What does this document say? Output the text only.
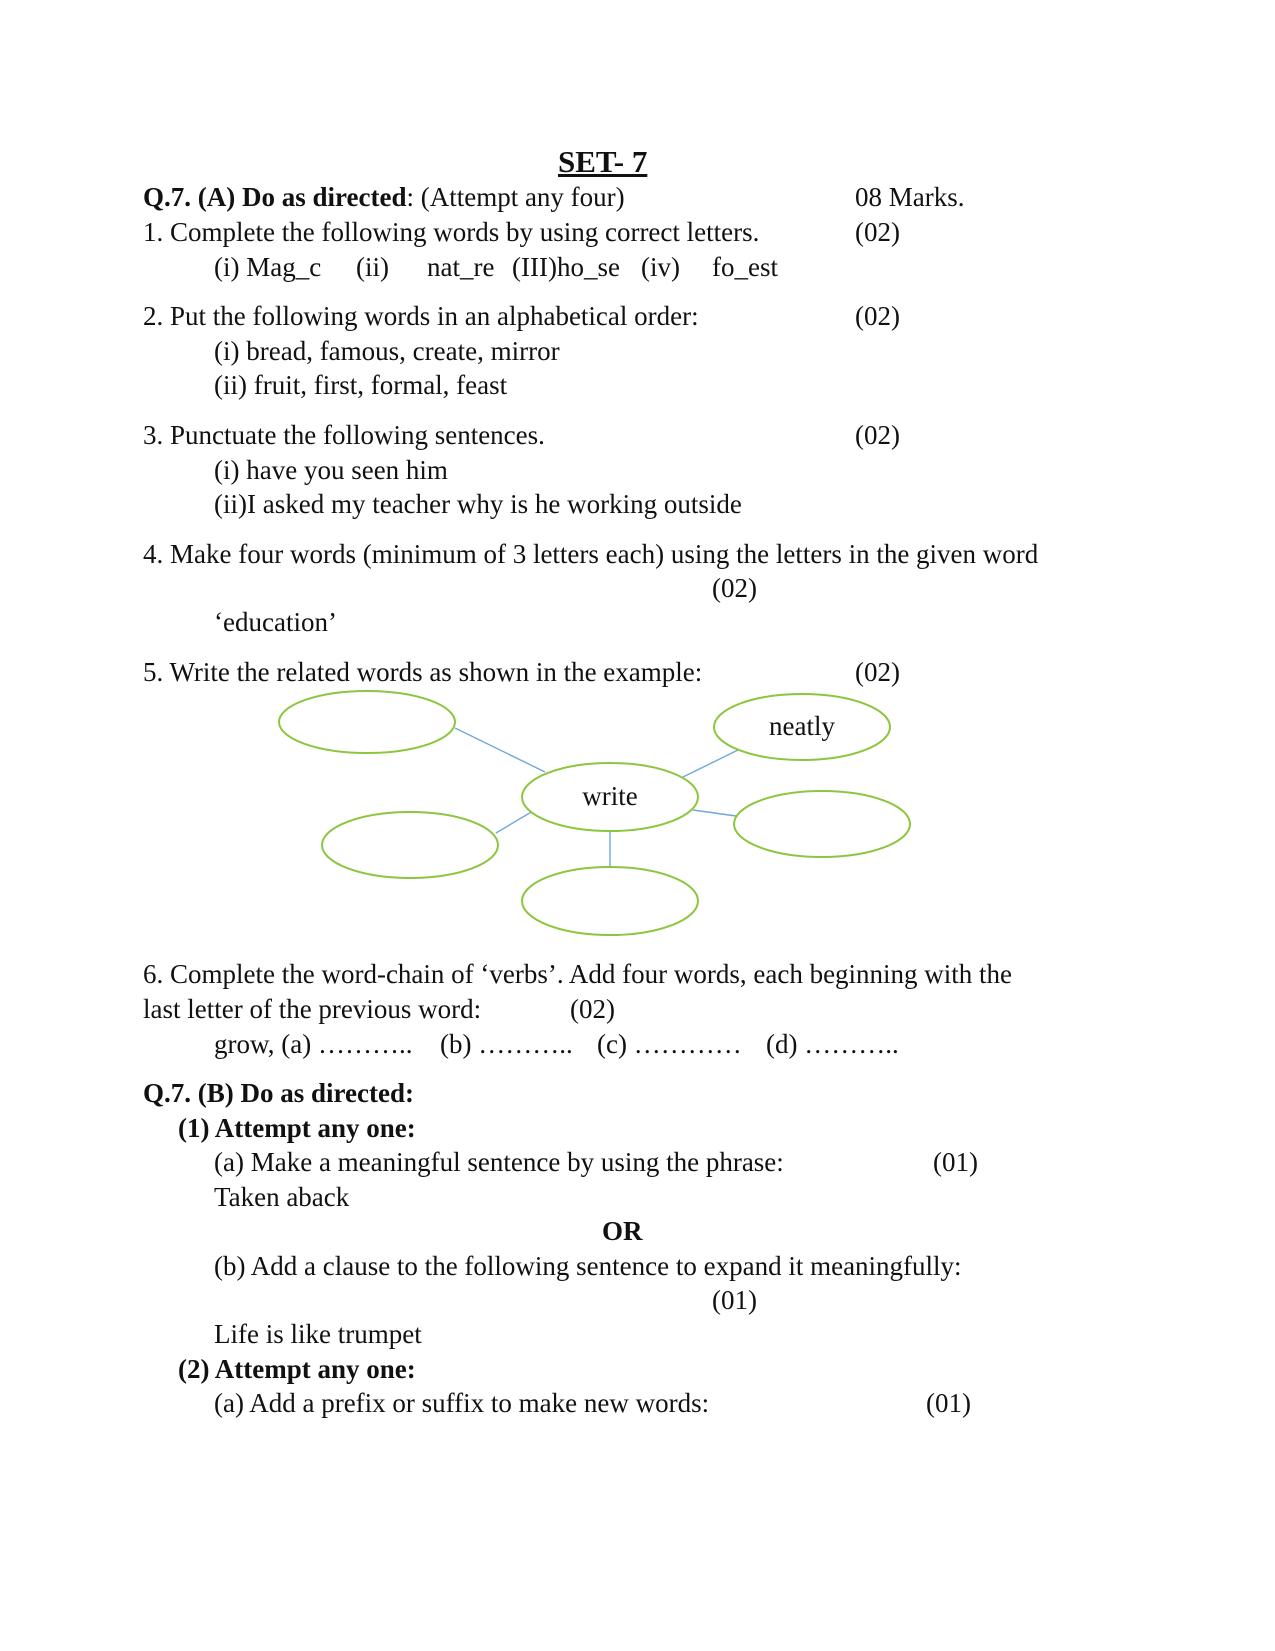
SET- 7
Q.7. (A) Do as directed: (Attempt any four)	08 Marks.
1. Complete the following words by using correct letters.	(02)
(i) Mag_c (ii) nat_re (III)ho_se (iv) fo_est
2. Put the following words in an alphabetical order:	(02)
(i) bread, famous, create, mirror
(ii) fruit, first, formal, feast
3. Punctuate the following sentences.	(02)
(i) have you seen him
(ii)I asked my teacher why is he working outside
4. Make four words (minimum of 3 letters each) using the letters in the given word
(02)
‘education’
5. Write the related words as shown in the example:	(02)
neatly
write
6. Complete the word-chain of ‘verbs’. Add four words, each beginning with the
last letter of the previous word:	(02)
grow, (a) ……….. (b) ……….. (c) ………… (d) ………..
Q.7. (B) Do as directed:
(1) Attempt any one:
(a) Make a meaningful sentence by using the phrase:	(01)
Taken aback
OR
(b) Add a clause to the following sentence to expand it meaningfully:
(01)
Life is like trumpet
(2) Attempt any one:
(a) Add a prefix or suffix to make new words:	(01)
